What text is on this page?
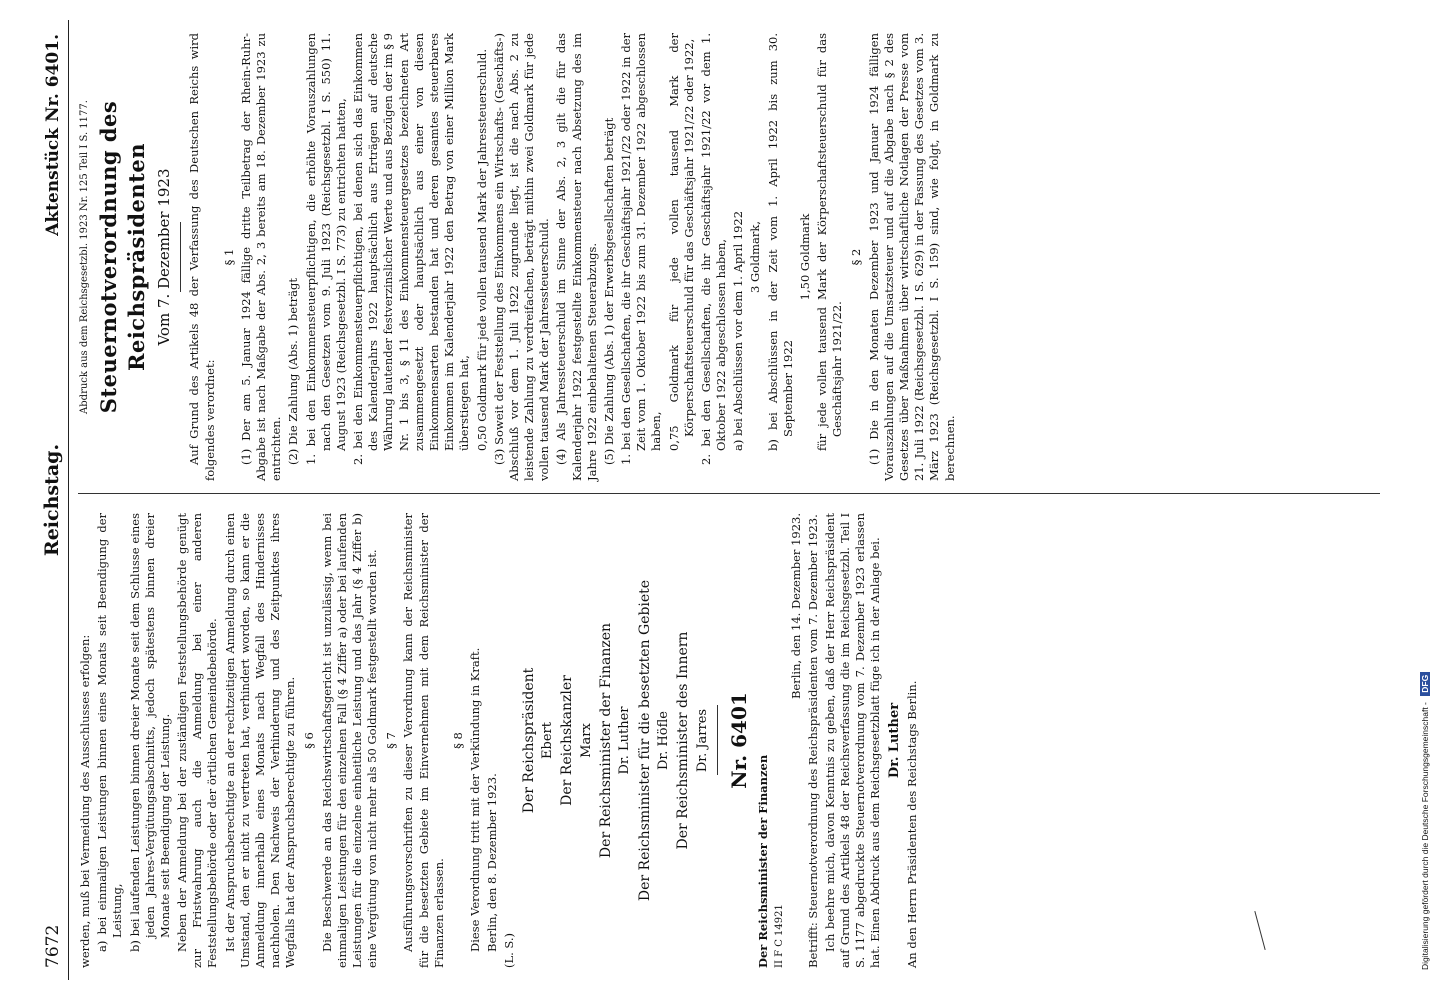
7672
Reichstag.
Aktenstück Nr. 6401.

werden, muß bei Vermeidung des Ausschlusses erfolgen: a) bei einmaligen Leistungen binnen eines Monats seit Beendigung der Leistung, b) bei laufenden Leistungen binnen dreier Monate seit dem Schlusse eines jeden Jahres-Vergütungsabschnitts, jedoch spätestens binnen dreier Monate seit Beendigung der Leistung. Neben der Anmeldung bei der zuständigen Feststellungsbehörde genügt zur Fristwahrung auch die Anmeldung bei einer anderen Feststellungsbehörde oder der örtlichen Gemeindebehörde. Ist der Anspruchsberechtigte an der rechtzeitigen Anmeldung durch einen Umstand, den er nicht zu vertreten hat, verhindert worden, so kann er die Anmeldung innerhalb eines Monats nach Wegfall des Hindernisses nachholen. Den Nachweis der Verhinderung und des Zeitpunktes ihres Wegfalls hat der Anspruchsberechtigte zu führen. § 6 Die Beschwerde an das Reichswirtschaftsgericht ist unzulässig, wenn bei einmaligen Leistungen für den einzelnen Fall (§ 4 Ziffer a) oder bei laufenden Leistungen für die einzelne einheitliche Leistung und das Jahr (§ 4 Ziffer b) eine Vergütung von nicht mehr als 50 Goldmark festgestellt worden ist. § 7 Ausführungsvorschriften zu dieser Verordnung kann der Reichsminister für die besetzten Gebiete im Einvernehmen mit dem Reichsminister der Finanzen erlassen.

§ 8 Diese Verordnung tritt mit der Verkündung in Kraft. Berlin, den 8. Dezember 1923. (L. S.)

Der Reichspräsident Ebert Der Reichskanzler Marx Der Reichsminister der Finanzen Dr. Luther Der Reichsminister für die besetzten Gebiete Dr. Höfle Der Reichsminister des Innern Dr. Jarres Nr. 6401

Der Reichsminister der Finanzen II F C 14921

Berlin, den 14. Dezember 1923. Betrifft: Steuernotverordnung des Reichspräsidenten vom 7. Dezember 1923. Ich beehre mich, davon Kenntnis zu geben, daß der Herr Reichspräsident auf Grund des Artikels 48 der Reichsverfassung die im Reichsgesetzbl. Teil I S. 1177 abgedruckte Steuernotverordnung vom 7. Dezember 1923 erlassen hat. Einen Abdruck aus dem Reichsgesetzblatt füge ich in der Anlage bei. Dr. Luther An den Herrn Präsidenten des Reichstags Berlin.

Abdruck aus dem Reichsgesetzbl. 1923 Nr. 125 Teil I S. 1177. Steuernotverordnung des Reichspräsidenten Vom 7. Dezember 1923 Auf Grund des Artikels 48 der Verfassung des Deutschen Reichs wird folgendes verordnet:

§ 1 (1) Der am 5. Januar 1924 fällige dritte Teilbetrag der Rhein-Ruhr-Abgabe ist nach Maßgabe der Abs. 2, 3 bereits am 18. Dezember 1923 zu entrichten. (2) Die Zahlung (Abs. 1) beträgt 1. bei den Einkommensteuerpflichtigen, die erhöhte Vorauszahlungen nach den Gesetzen vom 9. Juli 1923 (Reichsgesetzbl. I S. 550) 11. August 1923 (Reichsgesetzbl. I S. 773) zu entrichten hatten, 2. bei den Einkommensteuerpflichtigen, bei denen sich das Einkommen des Kalenderjahrs 1922 hauptsächlich aus Erträgen auf deutsche Währung lautender festverzinslicher Werte und aus Bezügen der im § 9 Nr. 1 bis 3, § 11 des Einkommensteuergesetzes bezeichneten Art zusammengesetzt oder hauptsächlich aus einer von diesen Einkommensarten bestanden hat und deren gesamtes steuerbares Einkommen im Kalenderjahr 1922 den Betrag von einer Million Mark überstiegen hat, 0,50 Goldmark für jede vollen tausend Mark der Jahressteuerschuld. (3) Soweit der Feststellung des Einkommens ein Wirtschafts- (Geschäfts-) Abschluß vor dem 1. Juli 1922 zugrunde liegt, ist die nach Abs. 2 zu leistende Zahlung zu verdreifachen, beträgt mithin zwei Goldmark für jede vollen tausend Mark der Jahressteuerschuld. (4) Als Jahressteuerschuld im Sinne der Abs. 2, 3 gilt die für das Kalenderjahr 1922 festgestellte Einkommensteuer nach Absetzung des im Jahre 1922 einbehaltenen Steuerabzugs. (5) Die Zahlung (Abs. 1) der Erwerbsgesellschaften beträgt 1. bei den Gesellschaften, die ihr Geschäftsjahr 1921/22 oder 1922 in der Zeit vom 1. Oktober 1922 bis zum 31. Dezember 1922 abgeschlossen haben, 0,75 Goldmark für jede vollen tausend Mark der Körperschaftsteuerschuld für das Geschäftsjahr 1921/22 oder 1922, 2. bei den Gesellschaften, die ihr Geschäftsjahr 1921/22 vor dem 1. Oktober 1922 abgeschlossen haben, a) bei Abschlüssen vor dem 1. April 1922 3 Goldmark, b) bei Abschlüssen in der Zeit vom 1. April 1922 bis zum 30. September 1922

1,50 Goldmark für jede vollen tausend Mark der Körperschaftsteuerschuld für das Geschäftsjahr 1921/22.

§ 2 (1) Die in den Monaten Dezember 1923 und Januar 1924 fälligen Vorauszahlungen auf die Umsatzsteuer und auf die Abgabe nach § 2 des Gesetzes über Maßnahmen über wirtschaftliche Notlagen der Presse vom 21. Juli 1922 (Reichsgesetzbl. I S. 629) in der Fassung des Gesetzes vom 3. März 1923 (Reichsgesetzbl. I S. 159) sind, wie folgt, in Goldmark zu berechnen.

Digitalisierung gefördert durch die Deutsche Forschungsgemeinschaft - DFG
